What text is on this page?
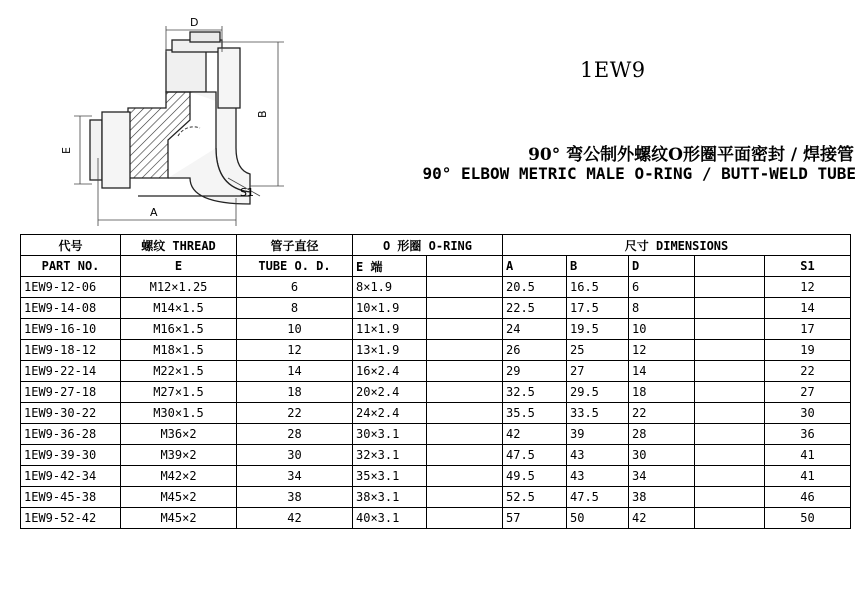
D
B
E
A
S1
1EW9
90° 弯公制外螺纹O形圈平面密封 / 焊接管
90° ELBOW METRIC MALE O-RING / BUTT-WELD TUBE
代号	螺纹 THREAD	管子直径	O 形圈 O-RING		尺寸 DIMENSIONS				
PART NO.	E	TUBE O. D.	E 端		A	B	D		S1
1EW9-12-06	M12×1.25	6	8×1.9		20.5	16.5	6		12
1EW9-14-08	M14×1.5	8	10×1.9		22.5	17.5	8		14
1EW9-16-10	M16×1.5	10	11×1.9		24	19.5	10		17
1EW9-18-12	M18×1.5	12	13×1.9		26	25	12		19
1EW9-22-14	M22×1.5	14	16×2.4		29	27	14		22
1EW9-27-18	M27×1.5	18	20×2.4		32.5	29.5	18		27
1EW9-30-22	M30×1.5	22	24×2.4		35.5	33.5	22		30
1EW9-36-28	M36×2	28	30×3.1		42	39	28		36
1EW9-39-30	M39×2	30	32×3.1		47.5	43	30		41
1EW9-42-34	M42×2	34	35×3.1		49.5	43	34		41
1EW9-45-38	M45×2	38	38×3.1		52.5	47.5	38		46
1EW9-52-42	M45×2	42	40×3.1		57	50	42		50
